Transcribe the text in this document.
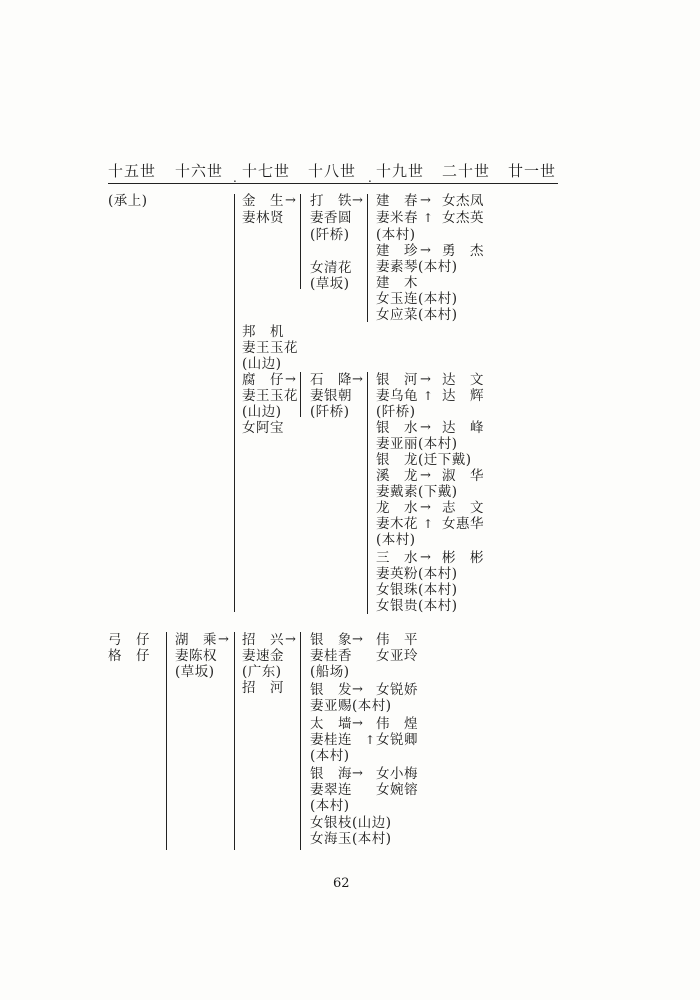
十五世 十六世 . 十七世 十八世 . 十九世 二十世 廿一世
(承上)	金　生
妻林贤
→ 打　铁
妻香圆
(阡桥)
女清花
(草坂)
→ 建　春
妻米春
(本村)
建　珍
妻素琴(本村)
建　木
女玉连(本村)
女应菜(本村)
→
↑
→
女杰凤
女杰英
勇　杰
邦　机
妻王玉花
(山边)
腐　仔
妻王玉花
(山边)
女阿宝
→ 石　降
妻银朝
(阡桥)
→ 银　河
妻乌龟
(阡桥)
银　水
妻亚丽(本村)
银　龙(迁下戴)
溪　龙
妻戴素(下戴)
龙　水
妻木花
(本村)
三　水
妻英粉(本村)
女银珠(本村)
女银贵(本村)
→
↑
→
→
→
↑
→
达　文
达　辉
达　峰
淑　华
志　文
女惠华
彬　彬
弓　仔
格　仔
湖　乘
妻陈权
(草坂)
→ 招　兴
妻速金
(广东)
招　河
→ 银　象
妻桂香
(船场)
银　发
妻亚赐(本村)
太　墙
妻桂连
(本村)
银　海
妻翠连
(本村)
女银枝(山边)
女海玉(本村)
→
→
→
↑
→
伟　平
女亚玲
女锐娇
伟　煌
女锐卿
女小梅
女婉镕
62
